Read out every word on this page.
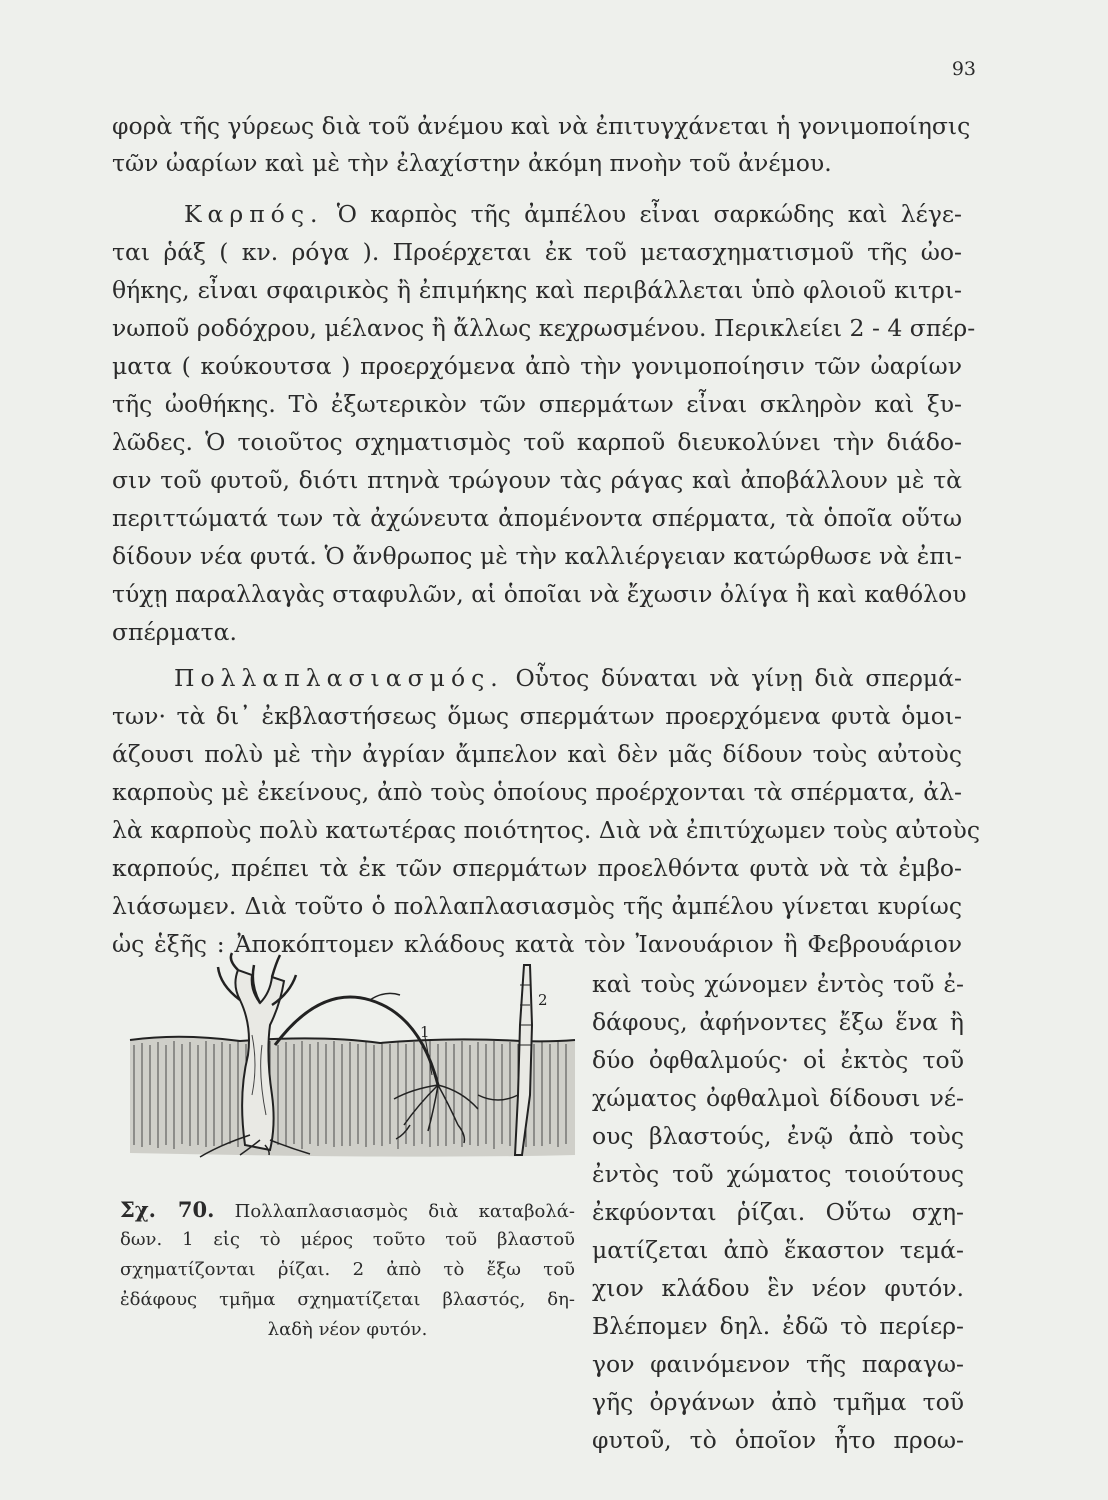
93

φορὰ τῆς γύρεως διὰ τοῦ ἀνέμου καὶ νὰ ἐπιτυγχάνεται ἡ γονιμοποίησις

τῶν ὠαρίων καὶ μὲ τὴν ἐλαχίστην ἀκόμη πνοὴν τοῦ ἀνέμου.

Καρπός. Ὁ καρπὸς τῆς ἀμπέλου εἶναι σαρκώδης καὶ λέγε-

ται ῥάξ ( κν. ρόγα ). Προέρχεται ἐκ τοῦ μετασχηματισμοῦ τῆς ὠο-

θήκης, εἶναι σφαιρικὸς ἢ ἐπιμήκης καὶ περιβάλλεται ὑπὸ φλοιοῦ κιτρι-

νωποῦ ροδόχρου, μέλανος ἢ ἄλλως κεχρωσμένου. Περικλείει 2 - 4 σπέρ-

ματα ( κούκουτσα ) προερχόμενα ἀπὸ τὴν γονιμοποίησιν τῶν ὠαρίων

τῆς ὠοθήκης. Τὸ ἐξωτερικὸν τῶν σπερμάτων εἶναι σκληρὸν καὶ ξυ-

λῶδες. Ὁ τοιοῦτος σχηματισμὸς τοῦ καρποῦ διευκολύνει τὴν διάδο-

σιν τοῦ φυτοῦ, διότι πτηνὰ τρώγουν τὰς ράγας καὶ ἀποβάλλουν μὲ τὰ

περιττώματά των τὰ ἀχώνευτα ἀπομένοντα σπέρματα, τὰ ὁποῖα οὕτω

δίδουν νέα φυτά. Ὁ ἄνθρωπος μὲ τὴν καλλιέργειαν κατώρθωσε νὰ ἐπι-

τύχῃ παραλλαγὰς σταφυλῶν, αἱ ὁποῖαι νὰ ἔχωσιν ὀλίγα ἢ καὶ καθόλου

σπέρματα.

Πολλαπλασιασμός. Οὗτος δύναται νὰ γίνῃ διὰ σπερμά-

των· τὰ δι᾽ ἐκβλαστήσεως ὅμως σπερμάτων προερχόμενα φυτὰ ὁμοι-

άζουσι πολὺ μὲ τὴν ἀγρίαν ἄμπελον καὶ δὲν μᾶς δίδουν τοὺς αὐτοὺς

καρποὺς μὲ ἐκείνους, ἀπὸ τοὺς ὁποίους προέρχονται τὰ σπέρματα, ἀλ-

λὰ καρποὺς πολὺ κατωτέρας ποιότητος. Διὰ νὰ ἐπιτύχωμεν τοὺς αὐτοὺς

καρπούς, πρέπει τὰ ἐκ τῶν σπερμάτων προελθόντα φυτὰ νὰ τὰ ἐμβο-

λιάσωμεν. Διὰ τοῦτο ὁ πολλαπλασιασμὸς τῆς ἀμπέλου γίνεται κυρίως

ὡς ἑξῆς : Ἀποκόπτομεν κλάδους κατὰ τὸν Ἰανουάριον ἢ Φεβρουάριον

καὶ τοὺς χώνομεν ἐντὸς τοῦ ἐ-

δάφους, ἀφήνοντες ἔξω ἕνα ἢ

δύο ὀφθαλμούς· οἱ ἐκτὸς τοῦ

χώματος ὀφθαλμοὶ δίδουσι νέ-

ους βλαστούς, ἐνῷ ἀπὸ τοὺς

ἐντὸς τοῦ χώματος τοιούτους

ἐκφύονται ῥίζαι. Οὕτω σχη-

ματίζεται ἀπὸ ἕκαστον τεμά-

χιον κλάδου ἓν νέον φυτόν.

Βλέπομεν δηλ. ἐδῶ τὸ περίερ-

γον φαινόμενον τῆς παραγω-

γῆς ὀργάνων ἀπὸ τμῆμα τοῦ

φυτοῦ, τὸ ὁποῖον ἦτο προω-

1
2

Σχ. 70. Πολλαπλασιασμὸς διὰ καταβολά-

δων. 1 εἰς τὸ μέρος τοῦτο τοῦ βλαστοῦ

σχηματίζονται ῥίζαι. 2 ἀπὸ τὸ ἔξω τοῦ

ἐδάφους τμῆμα σχηματίζεται βλαστός, δη-

λαδὴ νέον φυτόν.
